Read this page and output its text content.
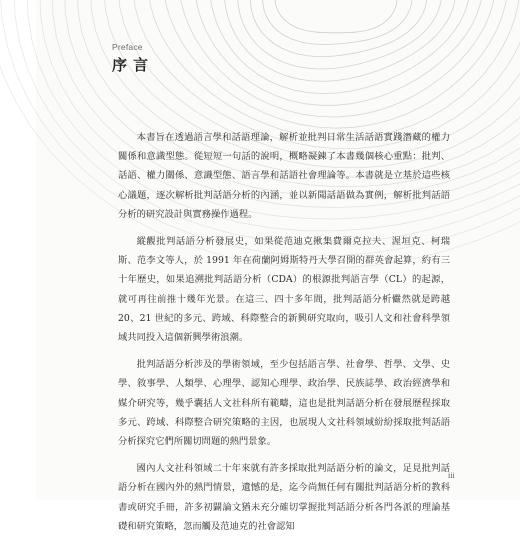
Preface
序言

本書旨在透過語言學和話語理論，解析並批判日常生活話語實踐潛藏的權力關係和意識型態。從短短一句話的說明，概略凝鍊了本書幾個核心重點：批判、話語、權力關係、意識型態、語言學和話語社會理論等。本書就是立基於這些核心議題，逐次解析批判話語分析的內涵，並以新聞話語做為實例，解析批判話語分析的研究設計與實務操作過程。

縱觀批判話語分析發展史，如果從范迪克揪集費爾克拉夫、渥垣克、柯瑞斯、范李文等人，於 1991 年在荷蘭阿姆斯特丹大學召開的群英會起算，約有三十年歷史，如果追溯批判話語分析（CDA）的根源批判語言學（CL）的起源，就可再往前推十幾年光景。在這三、四十多年間，批判話語分析儼然就是跨越 20、21 世紀的多元、跨域、科際整合的新興研究取向，吸引人文和社會科學領域共同投入這個新興學術浪潮。

批判話語分析涉及的學術領域，至少包括語言學、社會學、哲學、文學、史學、敘事學、人類學、心理學、認知心理學、政治學、民族誌學、政治經濟學和媒介研究等，幾乎囊括人文社科所有範疇，這也是批判話語分析在發展歷程採取多元、跨域、科際整合研究策略的主因，也展現人文社科領域紛紛採取批判話語分析探究它們所關切問題的熱門景象。

國內人文社科領域二十年來就有許多採取批判話語分析的論文，足見批判話語分析在國內外的熱門情景，遺憾的是，迄今尚無任何有關批判話語分析的教科書或研究手冊，許多初闢論文猶未充分確切掌握批判話語分析各門各派的理論基礎和研究策略，忽而觸及范迪克的社會認知

iii
